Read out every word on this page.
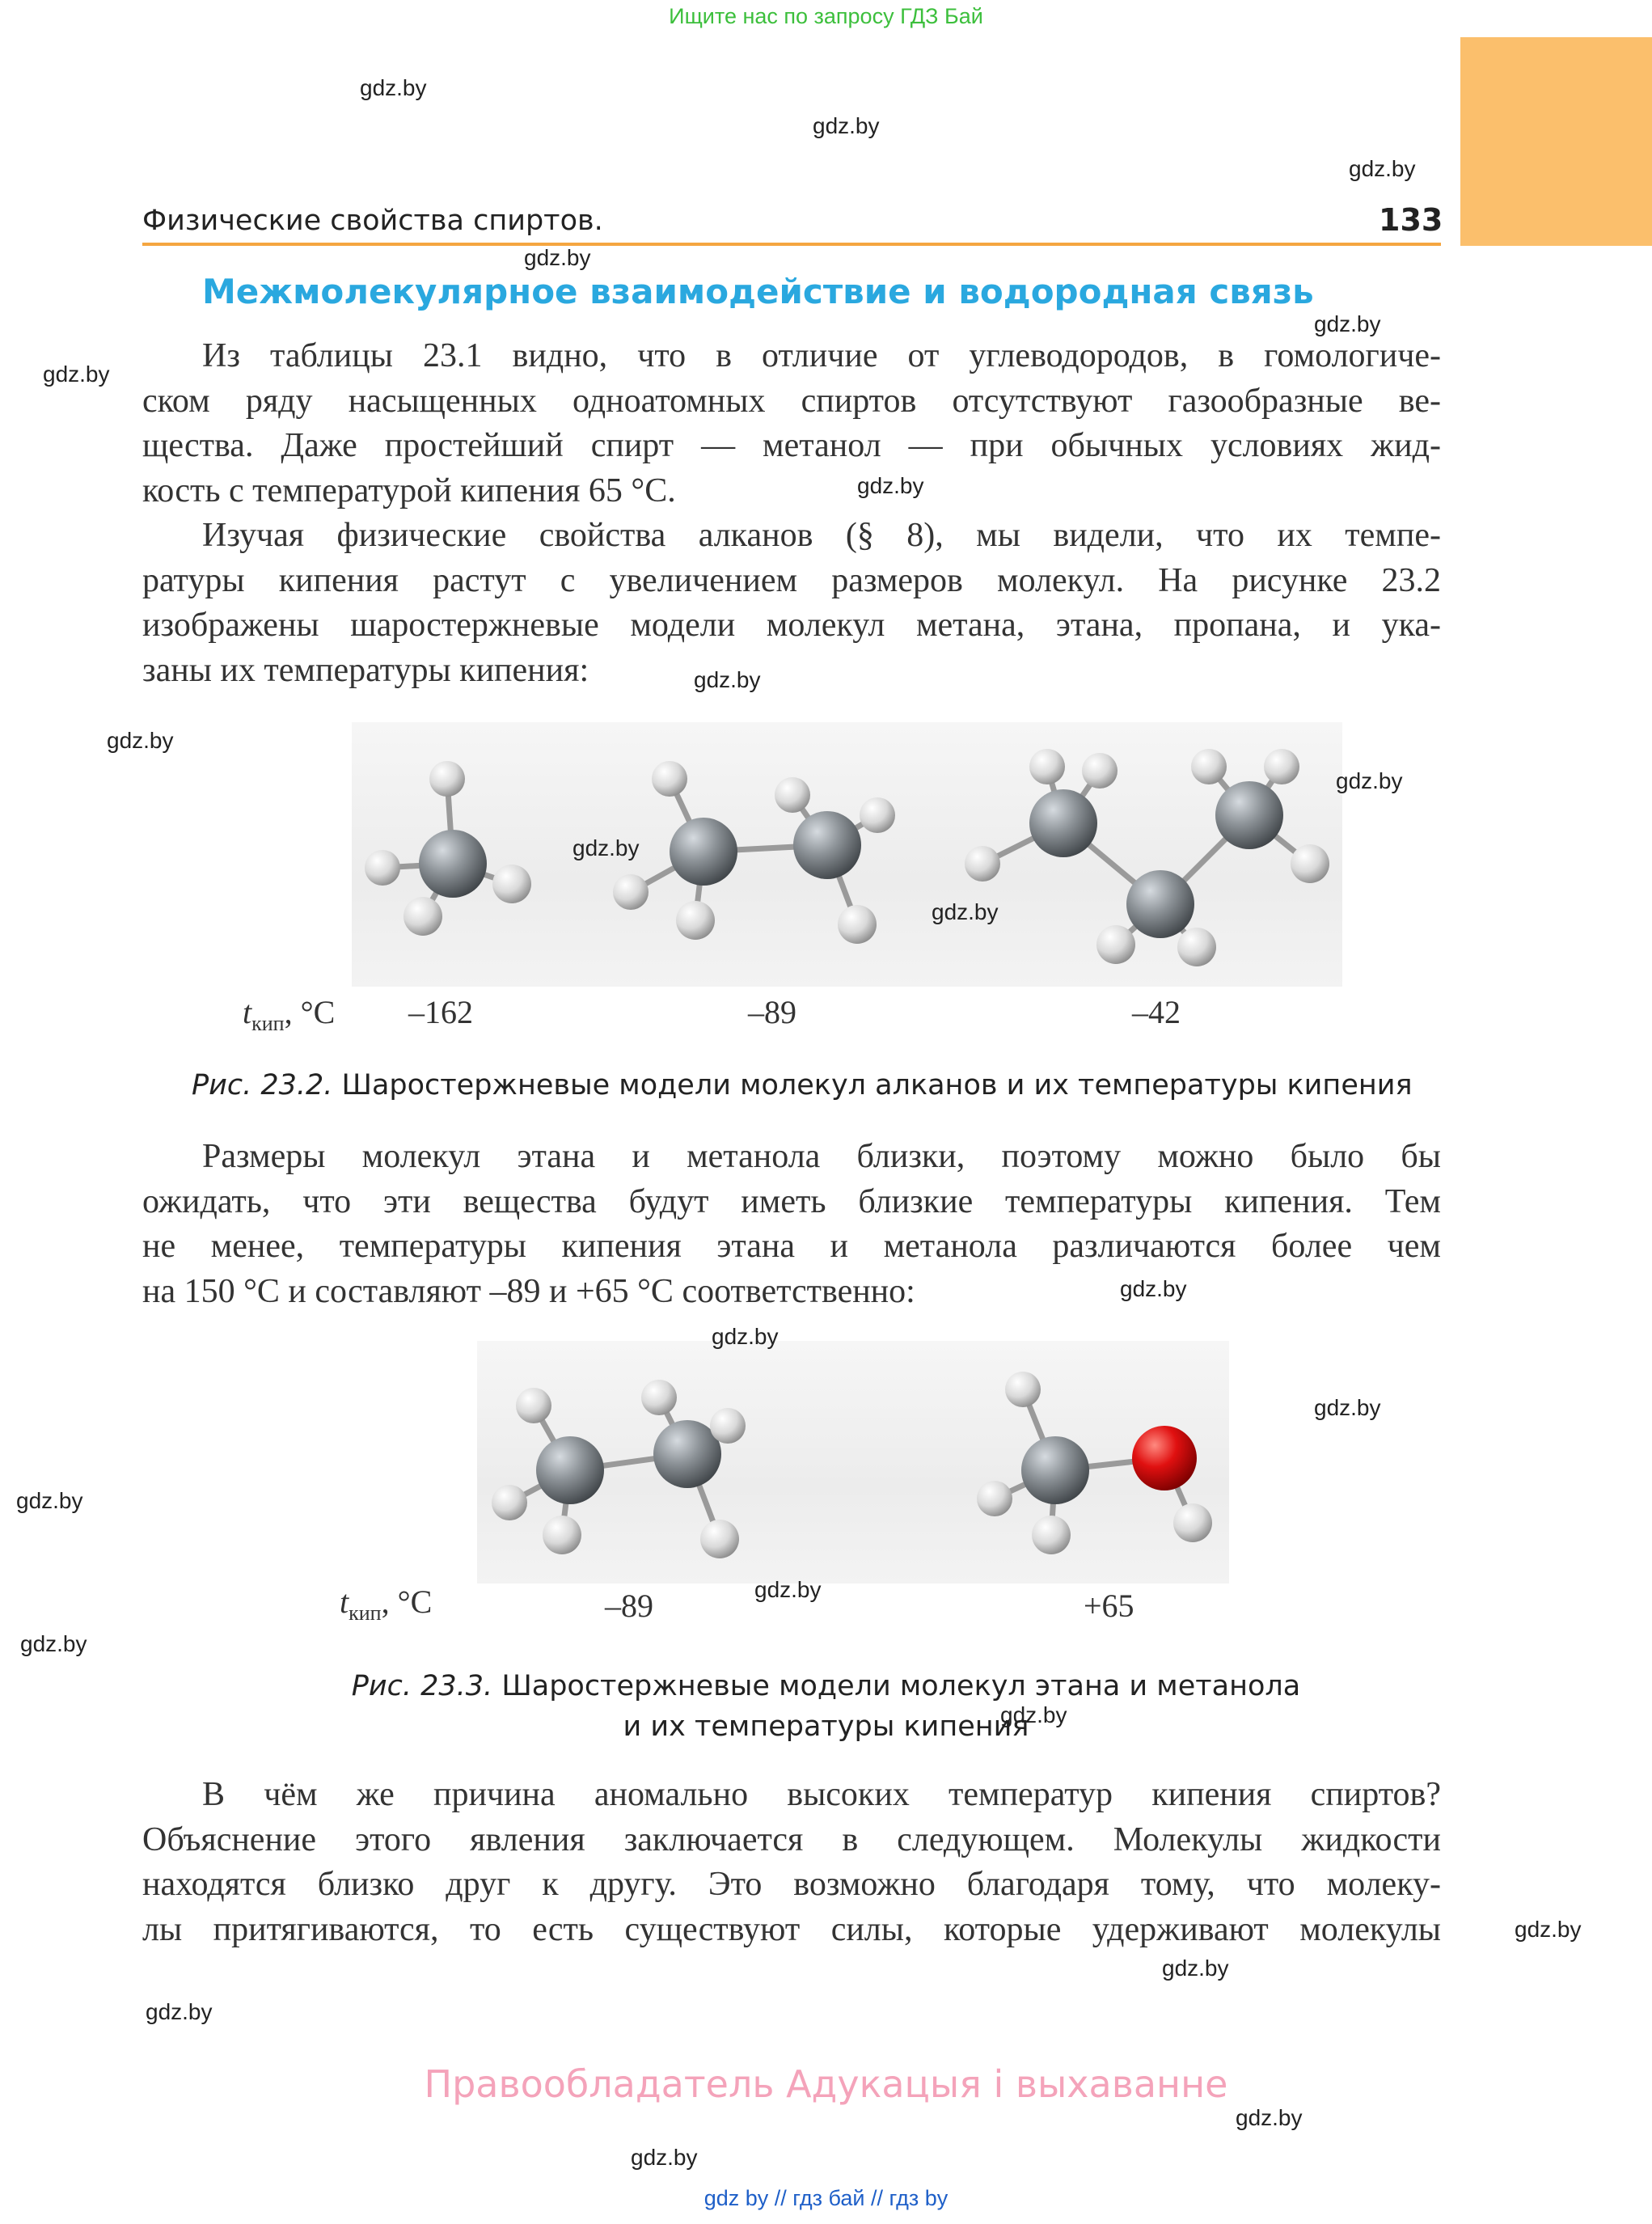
Ищите нас по запросу ГДЗ Бай
Физические свойства спиртов.	133
Межмолекулярное взаимодействие и водородная связь
Из таблицы 23.1 видно, что в отличие от углеводородов, в гомологиче-
ском ряду насыщенных одноатомных спиртов отсутствуют газообразные ве-
щества. Даже простейший спирт — метанол — при обычных условиях жид-
кость с температурой кипения 65 °С.
Изучая физические свойства алканов (§ 8), мы видели, что их темпе-
ратуры кипения растут с увеличением размеров молекул. На рисунке 23.2
изображены шаростержневые модели молекул метана, этана, пропана, и ука-
заны их температуры кипения:
$t_{кип}$, °C –162	–89	–42
Рис. 23.2. Шаростержневые модели молекул алканов и их температуры кипения
Размеры молекул этана и метанола близки, поэтому можно было бы
ожидать, что эти вещества будут иметь близкие температуры кипения. Тем
не менее, температуры кипения этана и метанола различаются более чем
на 150 °С и составляют –89 и +65 °С соответственно:
$t_{кип}$, °C	–89	+65
Рис. 23.3. Шаростержневые модели молекул этана и метанола
и их температуры кипения
В чём же причина аномально высоких температур кипения спиртов?
Объяснение этого явления заключается в следующем. Молекулы жидкости
находятся близко друг к другу. Это возможно благодаря тому, что молеку-
лы притягиваются, то есть существуют силы, которые удерживают молекулы
gdz.by
gdz.by
gdz.by
gdz.by
gdz.by
gdz.by
gdz.by
gdz.by
gdz.by
gdz.by
gdz.by
gdz.by
gdz.by
gdz.by
gdz.by
gdz.by
gdz.by
gdz.by
gdz.by
gdz.by
gdz.by
gdz.by
gdz.by
gdz.by
Правообладатель Адукацыя і выхаванне
gdz by // гдз бай // гдз by
